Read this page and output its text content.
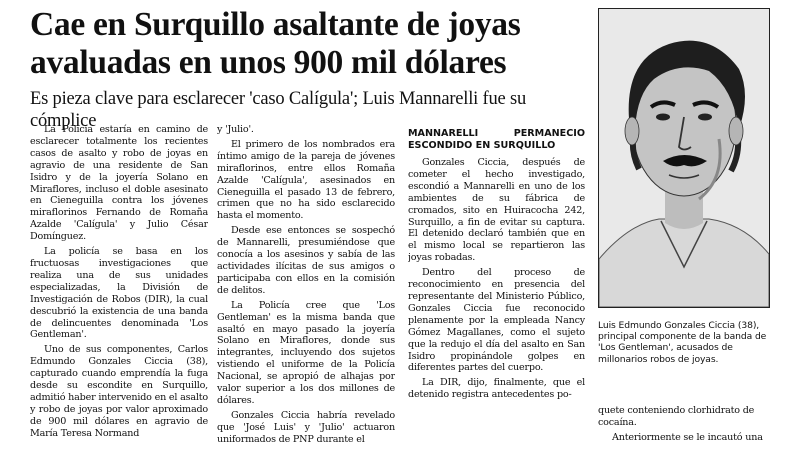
Cae en Surquillo asaltante de joyas avaluadas en unos 900 mil dólares
Es pieza clave para esclarecer 'caso Calígula'; Luis Mannarelli fue su cómplice

La Policía estaría en camino de esclarecer totalmente los recientes casos de asalto y robo de joyas en agravio de una residente de San Isidro y de la joyería Solano en Miraflores, incluso el doble asesinato en Cieneguilla contra los jóvenes miraflorinos Fernando de Romaña Azalde 'Calígula' y Julio César Domínguez.

La policía se basa en los fructuosas investigaciones que realiza una de sus unidades especializadas, la División de Investigación de Robos (DIR), la cual descubrió la existencia de una banda de delincuentes denominada 'Los Gentleman'.

Uno de sus componentes, Carlos Edmundo Gonzales Ciccia (38), capturado cuando emprendía la fuga desde su escondite en Surquillo, admitió haber intervenido en el asalto y robo de joyas por valor aproximado de 900 mil dólares en agravio de María Teresa Normand

y 'Julio'.

El primero de los nombrados era íntimo amigo de la pareja de jóvenes miraflorinos, entre ellos Romaña Azalde 'Calígula', asesinados en Cieneguilla el pasado 13 de febrero, crimen que no ha sido esclarecido hasta el momento.

Desde ese entonces se sospechó de Mannarelli, presumiéndose que conocía a los asesinos y sabía de las actividades ilícitas de sus amigos o participaba con ellos en la comisión de delitos.

La Policía cree que 'Los Gentleman' es la misma banda que asaltó en mayo pasado la joyería Solano en Miraflores, donde sus integrantes, incluyendo dos sujetos vistiendo el uniforme de la Policía Nacional, se apropió de alhajas por valor superior a los dos millones de dólares.

Gonzales Ciccia habría revelado que 'José Luis' y 'Julio' actuaron uniformados de PNP durante el

MANNARELLI PERMANECIO ESCONDIDO EN SURQUILLO

Gonzales Ciccia, después de cometer el hecho investigado, escondió a Mannarelli en uno de los ambientes de su fábrica de cromados, sito en Huiracocha 242, Surquillo, a fin de evitar su captura. El detenido declaró también que en el mismo local se repartieron las joyas robadas.

Dentro del proceso de reconocimiento en presencia del representante del Ministerio Público, Gonzales Ciccia fue reconocido plenamente por la empleada Nancy Gómez Magallanes, como el sujeto que la redujo el día del asalto en San Isidro propinándole golpes en diferentes partes del cuerpo.

La DIR, dijo, finalmente, que el detenido registra antecedentes po-

Luis Edmundo Gonzales Ciccia (38), principal componente de la banda de 'Los Gentleman', acusados de millonarios robos de joyas.

quete conteniendo clorhidrato de cocaína.

Anteriormente se le incautó una
